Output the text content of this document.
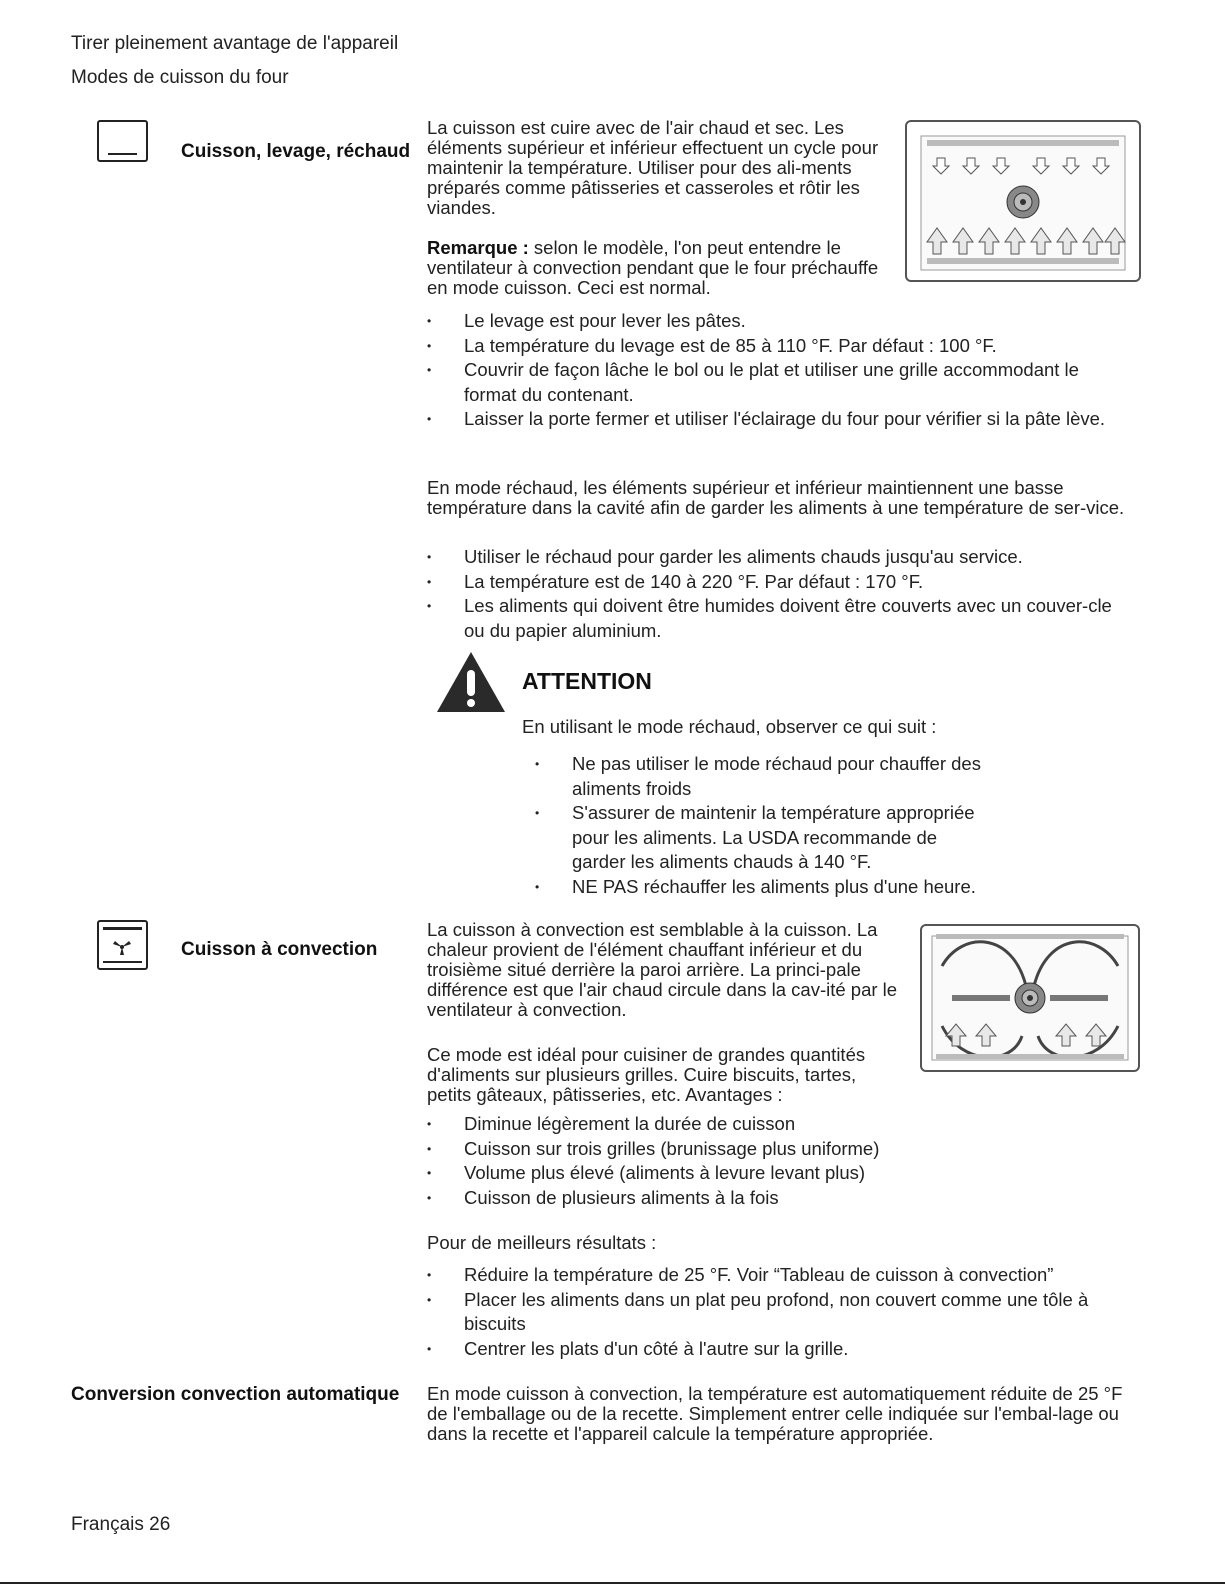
Tirer pleinement avantage de l'appareil
Modes de cuisson du four
Cuisson, levage, réchaud
La cuisson est cuire avec de l'air chaud et sec. Les éléments supérieur et inférieur effectuent un cycle pour maintenir la température. Utiliser pour des ali-ments préparés comme pâtisseries et casseroles et rôtir les viandes.
Remarque : selon le modèle, l'on peut entendre le ventilateur à convection pendant que le four préchauffe en mode cuisson. Ceci est normal.
• Le levage est pour lever les pâtes.
• La température du levage est de 85 à 110 °F. Par défaut : 100 °F.
• Couvrir de façon lâche le bol ou le plat et utiliser une grille accommodant le format du contenant.
• Laisser la porte fermer et utiliser l'éclairage du four pour vérifier si la pâte lève.
En mode réchaud, les éléments supérieur et inférieur maintiennent une basse température dans la cavité afin de garder les aliments à une température de ser-vice.
• Utiliser le réchaud pour garder les aliments chauds jusqu'au service.
• La température est de 140 à 220 °F. Par défaut : 170 °F.
• Les aliments qui doivent être humides doivent être couverts avec un couver-cle ou du papier aluminium.
ATTENTION
En utilisant le mode réchaud, observer ce qui suit :
• Ne pas utiliser le mode réchaud pour chauffer des aliments froids
• S'assurer de maintenir la température appropriée pour les aliments. La USDA recommande de garder les aliments chauds à 140 °F.
• NE PAS réchauffer les aliments plus d'une heure.
Cuisson à convection
La cuisson à convection est semblable à la cuisson. La chaleur provient de l'élément chauffant inférieur et du troisième situé derrière la paroi arrière. La princi-pale différence est que l'air chaud circule dans la cav-ité par le ventilateur à convection.
Ce mode est idéal pour cuisiner de grandes quantités d'aliments sur plusieurs grilles. Cuire biscuits, tartes, petits gâteaux, pâtisseries, etc. Avantages :
• Diminue légèrement la durée de cuisson
• Cuisson sur trois grilles (brunissage plus uniforme)
• Volume plus élevé (aliments à levure levant plus)
• Cuisson de plusieurs aliments à la fois
Pour de meilleurs résultats :
• Réduire la température de 25 °F. Voir “Tableau de cuisson à convection”
• Placer les aliments dans un plat peu profond, non couvert comme une tôle à biscuits
• Centrer les plats d'un côté à l'autre sur la grille.
Conversion convection automatique En mode cuisson à convection, la température est automatiquement réduite de 25 °F de l'emballage ou de la recette. Simplement entrer celle indiquée sur l'embal-lage ou dans la recette et l'appareil calcule la température appropriée.
Français 26
